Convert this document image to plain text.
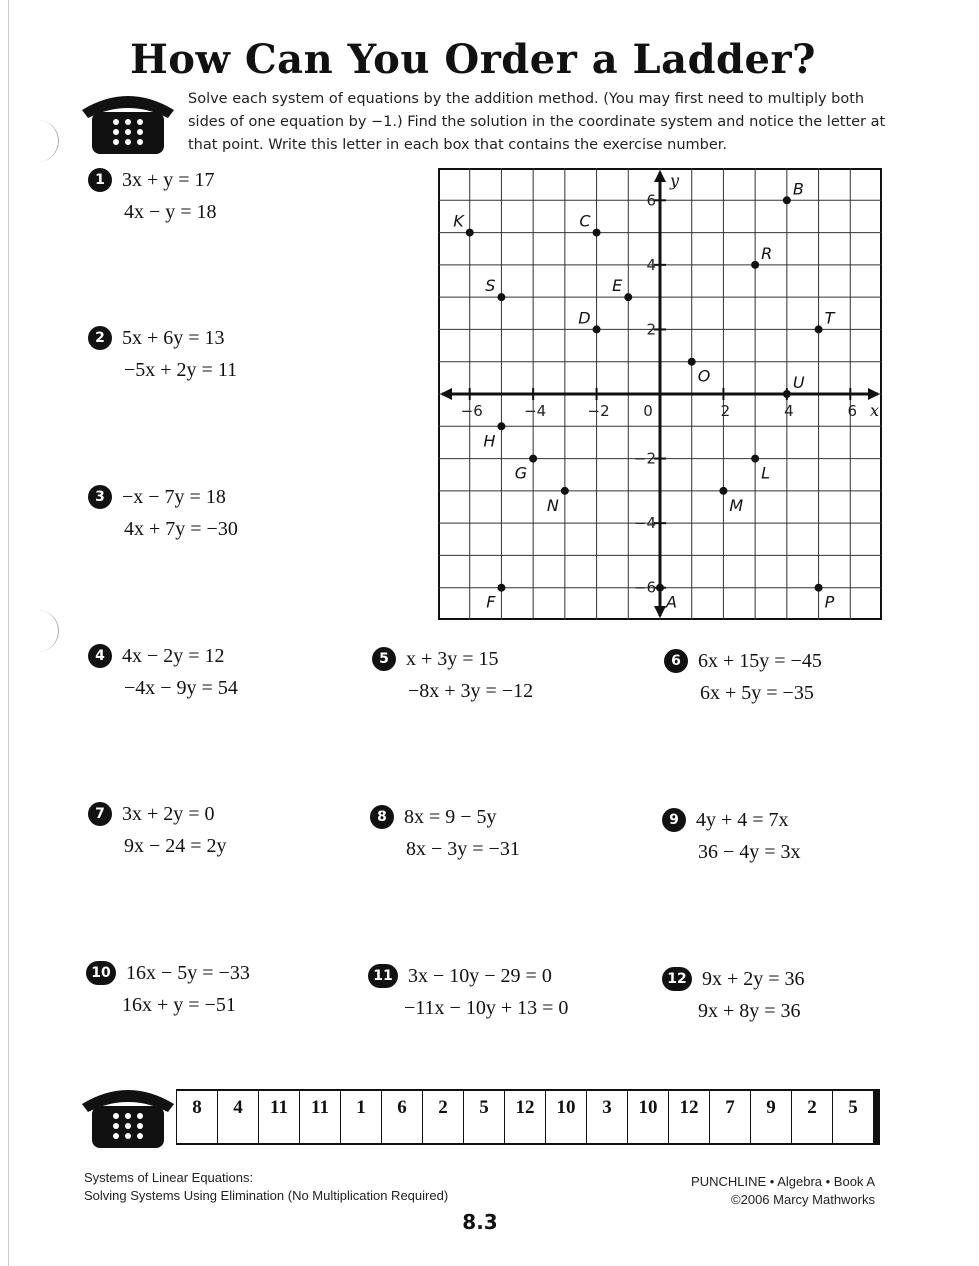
How Can You Order a Ladder?
Solve each system of equations by the addition method. (You may first need to multiply both sides of one equation by −1.) Find the solution in the coordinate system and notice the letter at that point. Write this letter in each box that contains the exercise number.
1 3x + y = 17
4x − y = 18
2 5x + 6y = 13
−5x + 2y = 11
3 −x − 7y = 18
4x + 7y = −30
4 4x − 2y = 12
−4x − 9y = 54
5 x + 3y = 15
−8x + 3y = −12
6 6x + 15y = −45
6x + 5y = −35
7 3x + 2y = 0
9x − 24 = 2y
8 8x = 9 − 5y
8x − 3y = −31
9 4y + 4 = 7x
36 − 4y = 3x
10 16x − 5y = −33
16x + y = −51
11 3x − 10y − 29 = 0
−11x − 10y + 13 = 0
12 9x + 2y = 36
9x + 8y = 36
−6	−4	−2 0	2	4	6
6
4
2
−2
−4
−6
x
y	B
K	C
R
S	E
D	T
O	U
H
G	L
N	M
F	A	P
8	4	11	11	1	6	2	5	12	10	3	10	12	7	9	2	5
Systems of Linear Equations:
Solving Systems Using Elimination (No Multiplication Required)
PUNCHLINE • Algebra • Book A
©2006 Marcy Mathworks
8.3
